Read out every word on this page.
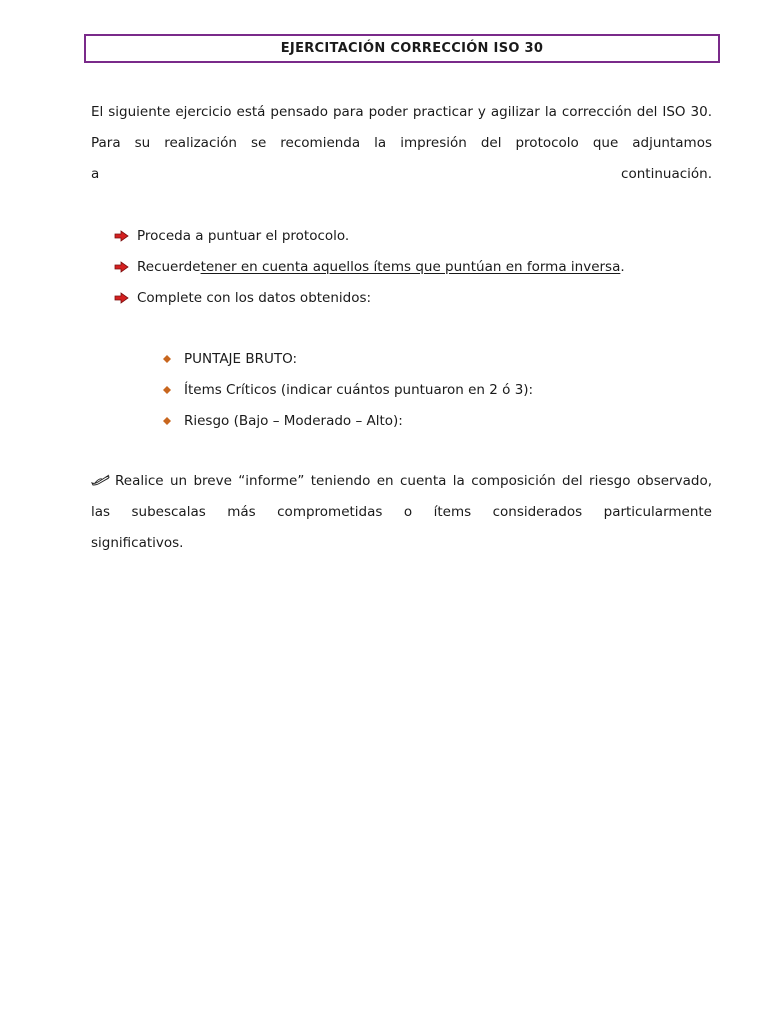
EJERCITACIÓN CORRECCIÓN ISO 30

El siguiente ejercicio está pensado para poder practicar y agilizar la corrección del ISO 30. Para su realización se recomienda la impresión del protocolo que adjuntamos
a continuación.

Proceda a puntuar el protocolo.
Recuerde tener en cuenta aquellos ítems que puntúan en forma inversa .
Complete con los datos obtenidos:
PUNTAJE BRUTO:
Ítems Críticos (indicar cuántos puntuaron en 2 ó 3):
Riesgo (Bajo – Moderado – Alto):

Realice un breve “informe” teniendo en cuenta la composición del riesgo observado, las subescalas más comprometidas o ítems considerados particularmente
significativos.
